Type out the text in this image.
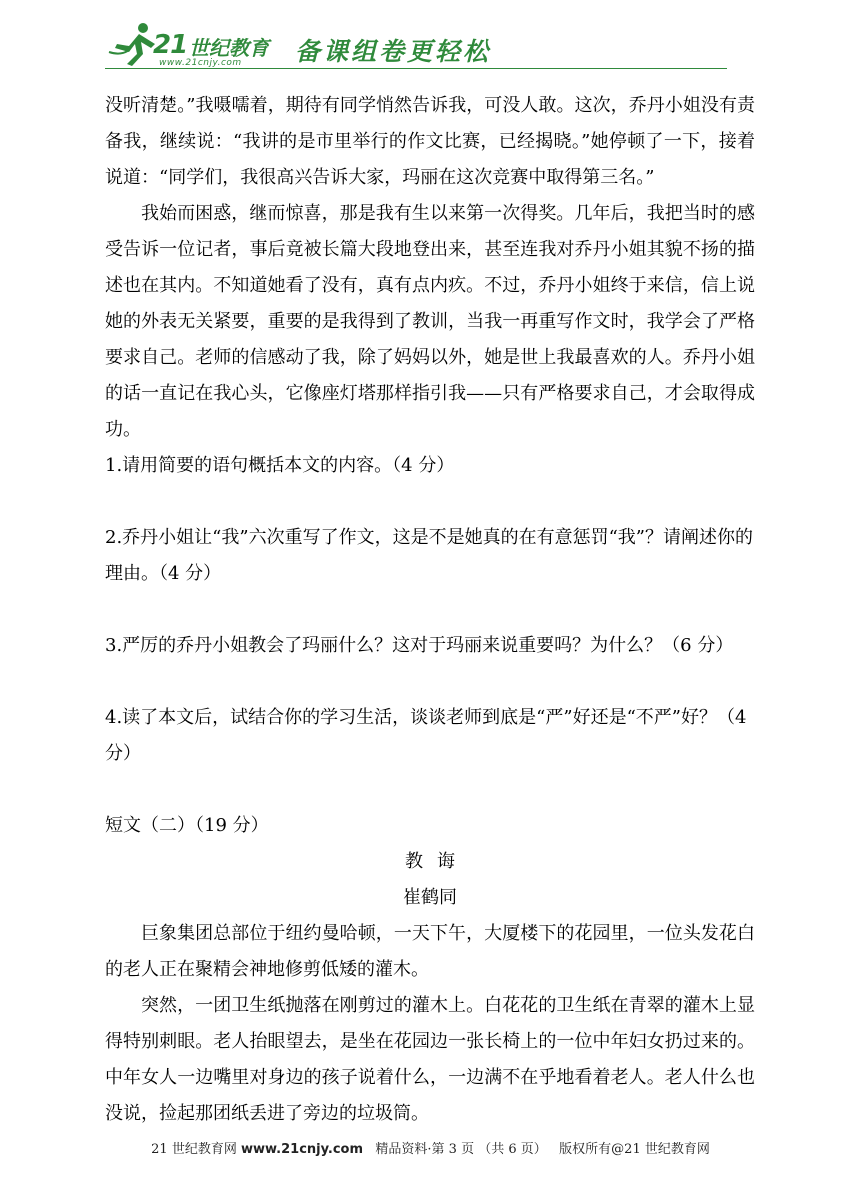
21 世纪教育
www.21cnjy.com 备课组卷更轻松

没听清楚。”我嗫嚅着，期待有同学悄然告诉我，可没人敢。这次，乔丹小姐没有责备我，继续说：“我讲的是市里举行的作文比赛，已经揭晓。”她停顿了一下，接着说道：“同学们，我很高兴告诉大家，玛丽在这次竞赛中取得第三名。”

我始而困惑，继而惊喜，那是我有生以来第一次得奖。几年后，我把当时的感受告诉一位记者，事后竟被长篇大段地登出来，甚至连我对乔丹小姐其貌不扬的描述也在其内。不知道她看了没有，真有点内疚。不过，乔丹小姐终于来信，信上说她的外表无关紧要，重要的是我得到了教训，当我一再重写作文时，我学会了严格要求自己。老师的信感动了我，除了妈妈以外，她是世上我最喜欢的人。乔丹小姐的话一直记在我心头，它像座灯塔那样指引我——只有严格要求自己，才会取得成功。

1.请用简要的语句概括本文的内容。（4 分）

2.乔丹小姐让“我”六次重写了作文，这是不是她真的在有意惩罚“我”？请阐述你的理由。（4 分）

3.严厉的乔丹小姐教会了玛丽什么？这对于玛丽来说重要吗？为什么？（6 分）

4.读了本文后，试结合你的学习生活，谈谈老师到底是“严”好还是“不严”好？（4 分）

短文（二）（19 分）

教诲

崔鹤同

巨象集团总部位于纽约曼哈顿，一天下午，大厦楼下的花园里，一位头发花白的老人正在聚精会神地修剪低矮的灌木。

突然，一团卫生纸抛落在刚剪过的灌木上。白花花的卫生纸在青翠的灌木上显得特别刺眼。老人抬眼望去，是坐在花园边一张长椅上的一位中年妇女扔过来的。中年女人一边嘴里对身边的孩子说着什么，一边满不在乎地看着老人。老人什么也没说，捡起那团纸丢进了旁边的垃圾筒。

21 世纪教育网 www.21cnjy.com 精品资料·第 3 页 （共 6 页） 版权所有@21 世纪教育网
